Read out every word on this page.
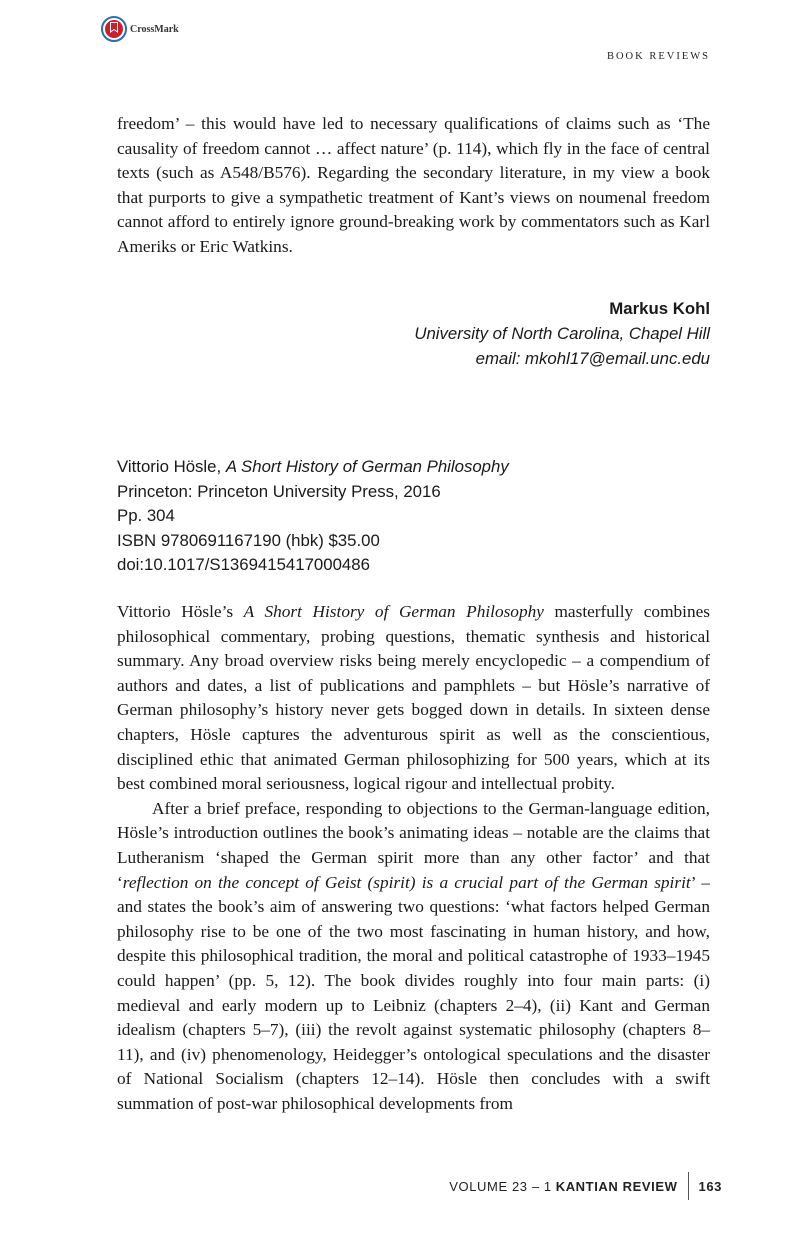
CrossMark
BOOK REVIEWS

freedom’ – this would have led to necessary qualifications of claims such as ‘The causality of freedom cannot … affect nature’ (p. 114), which fly in the face of central texts (such as A548/B576). Regarding the secondary literature, in my view a book that purports to give a sympathetic treatment of Kant’s views on noumenal freedom cannot afford to entirely ignore ground-breaking work by commentators such as Karl Ameriks or Eric Watkins.

Markus Kohl
University of North Carolina, Chapel Hill
email: mkohl17@email.unc.edu
Vittorio Hösle, A Short History of German Philosophy
Princeton: Princeton University Press, 2016
Pp. 304
ISBN 9780691167190 (hbk) $35.00
doi:10.1017/S1369415417000486

Vittorio Hösle’s A Short History of German Philosophy masterfully combines philosophical commentary, probing questions, thematic synthesis and historical summary. Any broad overview risks being merely encyclopedic – a compendium of authors and dates, a list of publications and pamphlets – but Hösle’s narrative of German philosophy’s history never gets bogged down in details. In sixteen dense chapters, Hösle captures the adventurous spirit as well as the conscientious, disciplined ethic that animated German philosophizing for 500 years, which at its best combined moral seriousness, logical rigour and intellectual probity.

After a brief preface, responding to objections to the German-language edition, Hösle’s introduction outlines the book’s animating ideas – notable are the claims that Lutheranism ‘shaped the German spirit more than any other factor’ and that ‘reflection on the concept of Geist (spirit) is a crucial part of the German spirit’ – and states the book’s aim of answering two questions: ‘what factors helped German philosophy rise to be one of the two most fascinating in human history, and how, despite this philosophical tradition, the moral and political catastrophe of 1933–1945 could happen’ (pp. 5, 12). The book divides roughly into four main parts: (i) medieval and early modern up to Leibniz (chapters 2–4), (ii) Kant and German idealism (chapters 5–7), (iii) the revolt against systematic philosophy (chapters 8–11), and (iv) phenomenology, Heidegger’s ontological speculations and the disaster of National Socialism (chapters 12–14). Hösle then concludes with a swift summation of post-war philosophical developments from

VOLUME 23 – 1 KANTIAN REVIEW 163
